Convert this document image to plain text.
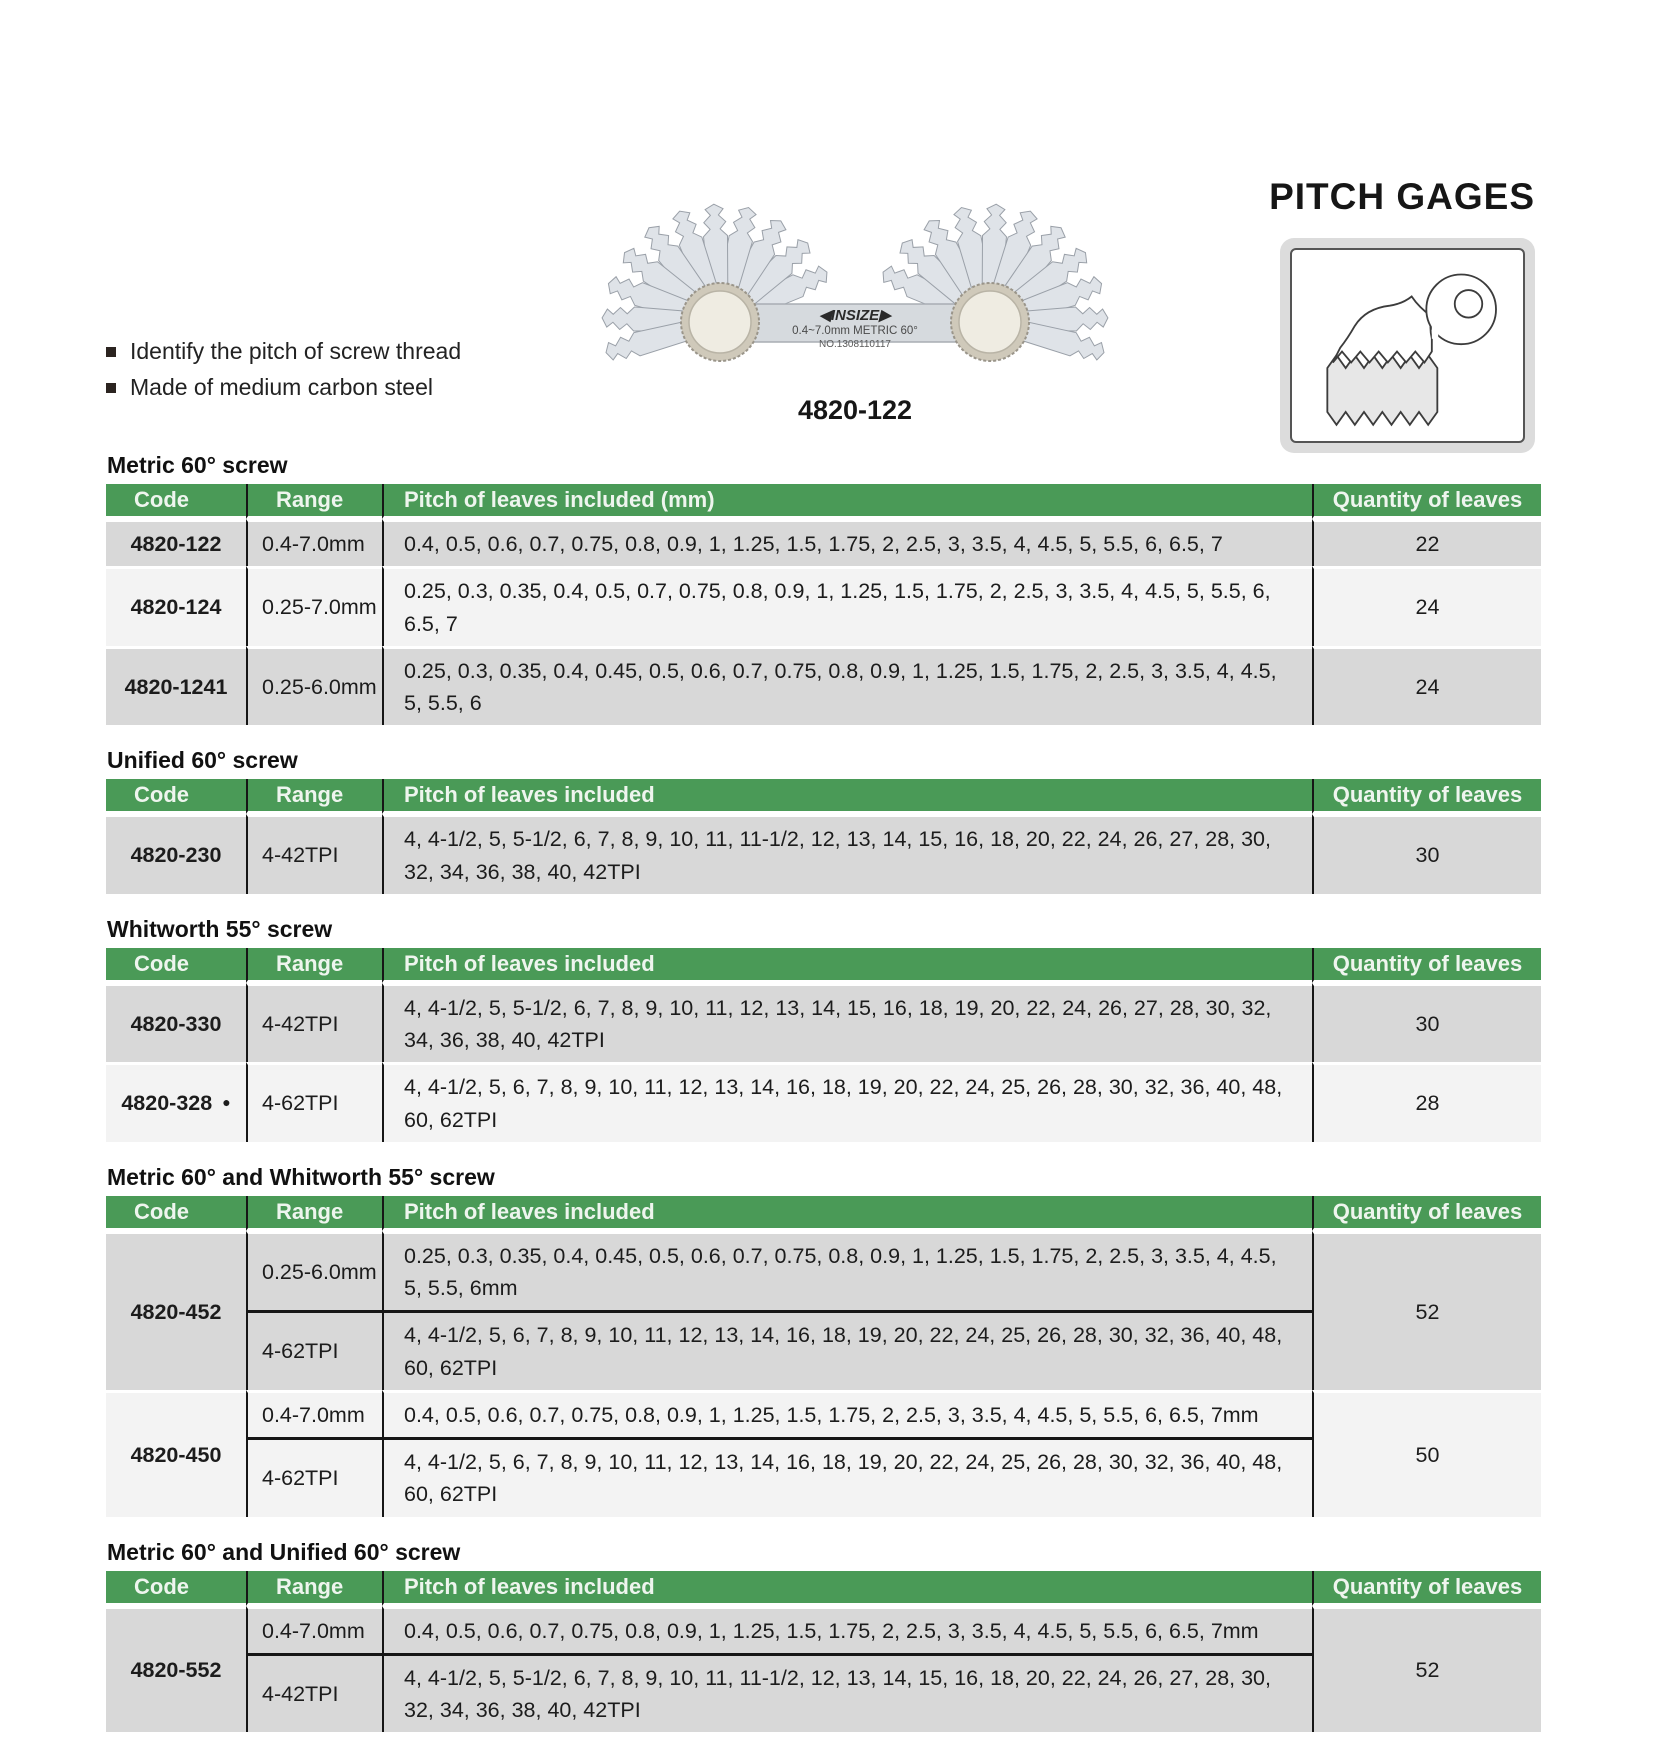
PITCH GAGES
Identify the pitch of screw thread
Made of medium carbon steel
◀INSIZE▶
0.4~7.0mm METRIC 60°
NO.1308110117
4820-122
Metric 60° screw
Code	Range	Pitch of leaves included (mm)	Quantity of leaves
4820-122	0.4-7.0mm	0.4, 0.5, 0.6, 0.7, 0.75, 0.8, 0.9, 1, 1.25, 1.5, 1.75, 2, 2.5, 3, 3.5, 4, 4.5, 5, 5.5, 6, 6.5, 7	22
4820-124	0.25-7.0mm	0.25, 0.3, 0.35, 0.4, 0.5, 0.7, 0.75, 0.8, 0.9, 1, 1.25, 1.5, 1.75, 2, 2.5, 3, 3.5, 4, 4.5, 5, 5.5, 6, 6.5, 7	24
4820-1241	0.25-6.0mm	0.25, 0.3, 0.35, 0.4, 0.45, 0.5, 0.6, 0.7, 0.75, 0.8, 0.9, 1, 1.25, 1.5, 1.75, 2, 2.5, 3, 3.5, 4, 4.5, 5, 5.5, 6	24
Unified 60° screw
Code	Range	Pitch of leaves included	Quantity of leaves
4820-230	4-42TPI	4, 4-1/2, 5, 5-1/2, 6, 7, 8, 9, 10, 11, 11-1/2, 12, 13, 14, 15, 16, 18, 20, 22, 24, 26, 27, 28, 30, 32, 34, 36, 38, 40, 42TPI	30
Whitworth 55° screw
Code	Range	Pitch of leaves included	Quantity of leaves
4820-330	4-42TPI	4, 4-1/2, 5, 5-1/2, 6, 7, 8, 9, 10, 11, 12, 13, 14, 15, 16, 18, 19, 20, 22, 24, 26, 27, 28, 30, 32, 34, 36, 38, 40, 42TPI	30
4820-328 ●	4-62TPI	4, 4-1/2, 5, 6, 7, 8, 9, 10, 11, 12, 13, 14, 16, 18, 19, 20, 22, 24, 25, 26, 28, 30, 32, 36, 40, 48, 60, 62TPI	28
Metric 60° and Whitworth 55° screw
Code	Range	Pitch of leaves included	Quantity of leaves
4820-452	0.25-6.0mm	0.25, 0.3, 0.35, 0.4, 0.45, 0.5, 0.6, 0.7, 0.75, 0.8, 0.9, 1, 1.25, 1.5, 1.75, 2, 2.5, 3, 3.5, 4, 4.5, 5, 5.5, 6mm	52
	4-62TPI	4, 4-1/2, 5, 6, 7, 8, 9, 10, 11, 12, 13, 14, 16, 18, 19, 20, 22, 24, 25, 26, 28, 30, 32, 36, 40, 48, 60, 62TPI	
4820-450	0.4-7.0mm	0.4, 0.5, 0.6, 0.7, 0.75, 0.8, 0.9, 1, 1.25, 1.5, 1.75, 2, 2.5, 3, 3.5, 4, 4.5, 5, 5.5, 6, 6.5, 7mm	50
	4-62TPI	4, 4-1/2, 5, 6, 7, 8, 9, 10, 11, 12, 13, 14, 16, 18, 19, 20, 22, 24, 25, 26, 28, 30, 32, 36, 40, 48, 60, 62TPI	
Metric 60° and Unified 60° screw
Code	Range	Pitch of leaves included	Quantity of leaves
4820-552	0.4-7.0mm	0.4, 0.5, 0.6, 0.7, 0.75, 0.8, 0.9, 1, 1.25, 1.5, 1.75, 2, 2.5, 3, 3.5, 4, 4.5, 5, 5.5, 6, 6.5, 7mm	52
	4-42TPI	4, 4-1/2, 5, 5-1/2, 6, 7, 8, 9, 10, 11, 11-1/2, 12, 13, 14, 15, 16, 18, 20, 22, 24, 26, 27, 28, 30, 32, 34, 36, 38, 40, 42TPI	
